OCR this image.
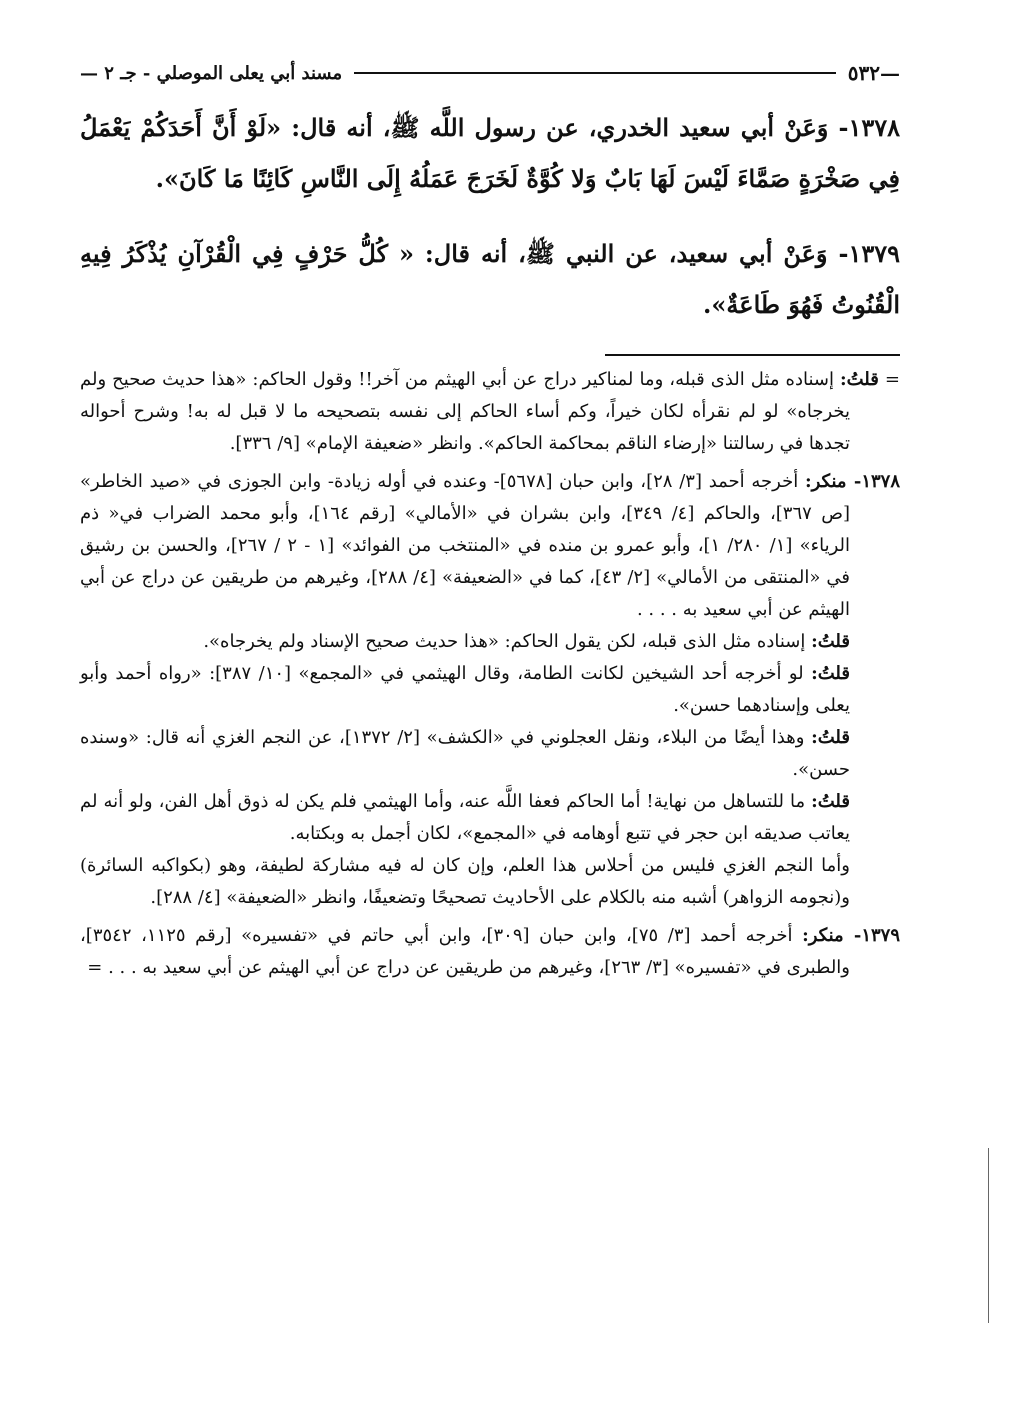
—
٥٣٢
مسند أبي يعلى الموصلي - جـ ٢ —

١٣٧٨- وَعَنْ أبي سعيد الخدري، عن رسول اللَّه ﷺ، أنه قال: «لَوْ أَنَّ أَحَدَكُمْ يَعْمَلُ فِي صَخْرَةٍ صَمَّاءَ لَيْسَ لَهَا بَابٌ وَلا كُوَّةٌ لَخَرَجَ عَمَلُهُ إِلَى النَّاسِ كَائِنًا مَا كَانَ».

١٣٧٩- وَعَنْ أبي سعيد، عن النبي ﷺ، أنه قال: « كُلُّ حَرْفٍ فِي الْقُرْآنِ يُذْكَرُ فِيهِ الْقُنُوتُ فَهُوَ طَاعَةٌ».

= قلتُ: إسناده مثل الذى قبله، وما لمناكير دراج عن أبي الهيثم من آخر!! وقول الحاكم: «هذا حديث صحيح ولم يخرجاه» لو لم نقرأه لكان خيراً، وكم أساء الحاكم إلى نفسه بتصحيحه ما لا قبل له به! وشرح أحواله تجدها في رسالتنا «إرضاء الناقم بمحاكمة الحاكم». وانظر «ضعيفة الإمام» [٩/ ٣٣٦].

١٣٧٨- منكر: أخرجه أحمد [٣/ ٢٨]، وابن حبان [٥٦٧٨]- وعنده في أوله زيادة- وابن الجوزى في «صيد الخاطر» [ص ٣٦٧]، والحاكم [٤/ ٣٤٩]، وابن بشران في «الأمالي» [رقم ١٦٤]، وأبو محمد الضراب في« ذم الرياء» [١/ ٢٨٠/ ١]، وأبو عمرو بن منده في «المنتخب من الفوائد» [١ - ٢ / ٢٦٧]، والحسن بن رشيق في «المنتقى من الأمالي» [٢/ ٤٣]، كما في «الضعيفة» [٤/ ٢٨٨]، وغيرهم من طريقين عن دراج عن أبي الهيثم عن أبي سعيد به . . . .

قلتُ: إسناده مثل الذى قبله، لكن يقول الحاكم: «هذا حديث صحيح الإسناد ولم يخرجاه».

قلتُ: لو أخرجه أحد الشيخين لكانت الطامة، وقال الهيثمي في «المجمع» [١٠/ ٣٨٧]: «رواه أحمد وأبو يعلى وإسنادهما حسن».

قلتُ: وهذا أيضًا من البلاء، ونقل العجلوني في «الكشف» [٢/ ١٣٧٢]، عن النجم الغزي أنه قال: «وسنده حسن».

قلتُ: ما للتساهل من نهاية! أما الحاكم فعفا اللَّه عنه، وأما الهيثمي فلم يكن له ذوق أهل الفن، ولو أنه لم يعاتب صديقه ابن حجر في تتبع أوهامه في «المجمع»، لكان أجمل به وبكتابه.

وأما النجم الغزي فليس من أحلاس هذا العلم، وإن كان له فيه مشاركة لطيفة، وهو (بكواكبه السائرة) و(نجومه الزواهر) أشبه منه بالكلام على الأحاديث تصحيحًا وتضعيفًا، وانظر «الضعيفة» [٤/ ٢٨٨].

١٣٧٩- منكر: أخرجه أحمد [٣/ ٧٥]، وابن حبان [٣٠٩]، وابن أبي حاتم في «تفسيره» [رقم ١١٢٥، ٣٥٤٢]، والطبرى في «تفسيره» [٣/ ٢٦٣]، وغيرهم من طريقين عن دراج عن أبي الهيثم عن أبي سعيد به . . . =
